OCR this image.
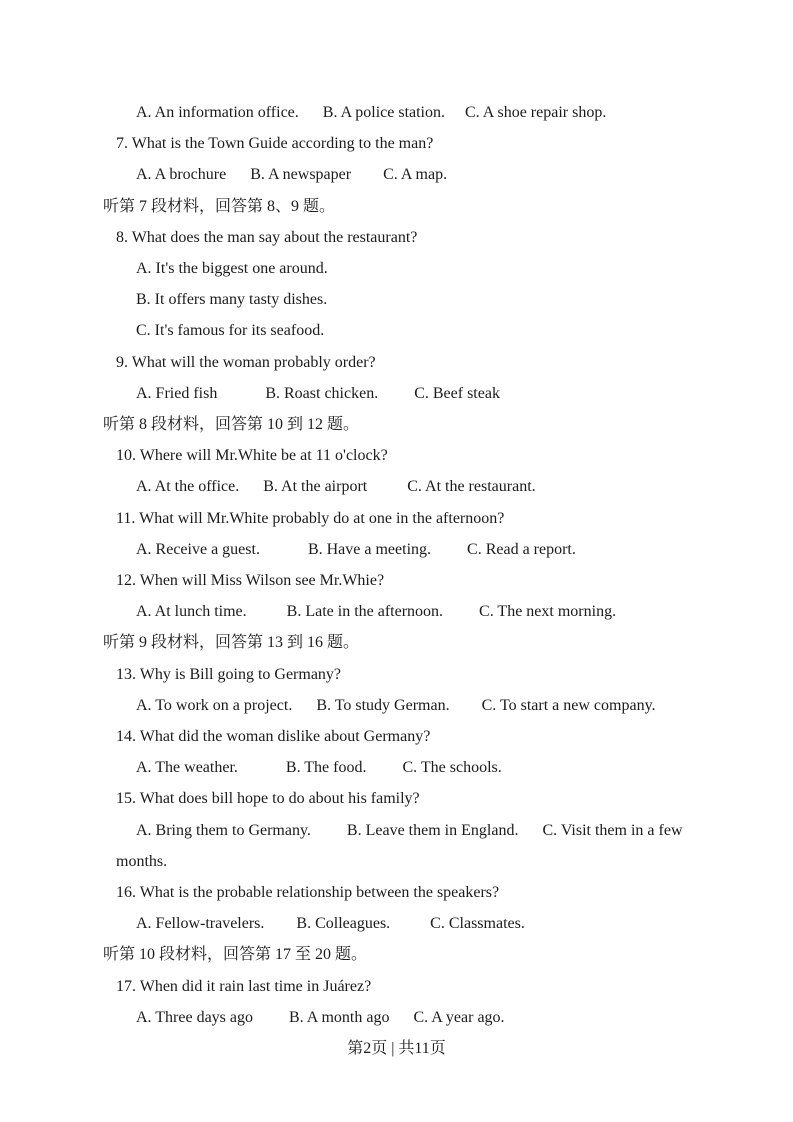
A. An information office.      B. A police station.     C. A shoe repair shop.
7. What is the Town Guide according to the man?
A. A brochure      B. A newspaper        C. A map.
听第 7 段材料，回答第 8、9 题。
8. What does the man say about the restaurant?
A. It's the biggest one around.
B. It offers many tasty dishes.
C. It's famous for its seafood.
9. What will the woman probably order?
A. Fried fish            B. Roast chicken.         C. Beef steak
听第 8 段材料，回答第 10 到 12 题。
10. Where will Mr.White be at 11 o'clock?
A. At the office.      B. At the airport          C. At the restaurant.
11. What will Mr.White probably do at one in the afternoon?
A. Receive a guest.            B. Have a meeting.         C. Read a report.
12. When will Miss Wilson see Mr.Whie?
A. At lunch time.          B. Late in the afternoon.         C. The next morning.
听第 9 段材料，回答第 13 到 16 题。
13. Why is Bill going to Germany?
A. To work on a project.      B. To study German.        C. To start a new company.
14. What did the woman dislike about Germany?
A. The weather.            B. The food.         C. The schools.
15. What does bill hope to do about his family?
A. Bring them to Germany.         B. Leave them in England.      C. Visit them in a few
months.
16. What is the probable relationship between the speakers?
A. Fellow-travelers.        B. Colleagues.          C. Classmates.
听第 10 段材料，回答第 17 至 20 题。
17. When did it rain last time in Juárez?
A. Three days ago         B. A month ago      C. A year ago.
第2页 | 共11页
